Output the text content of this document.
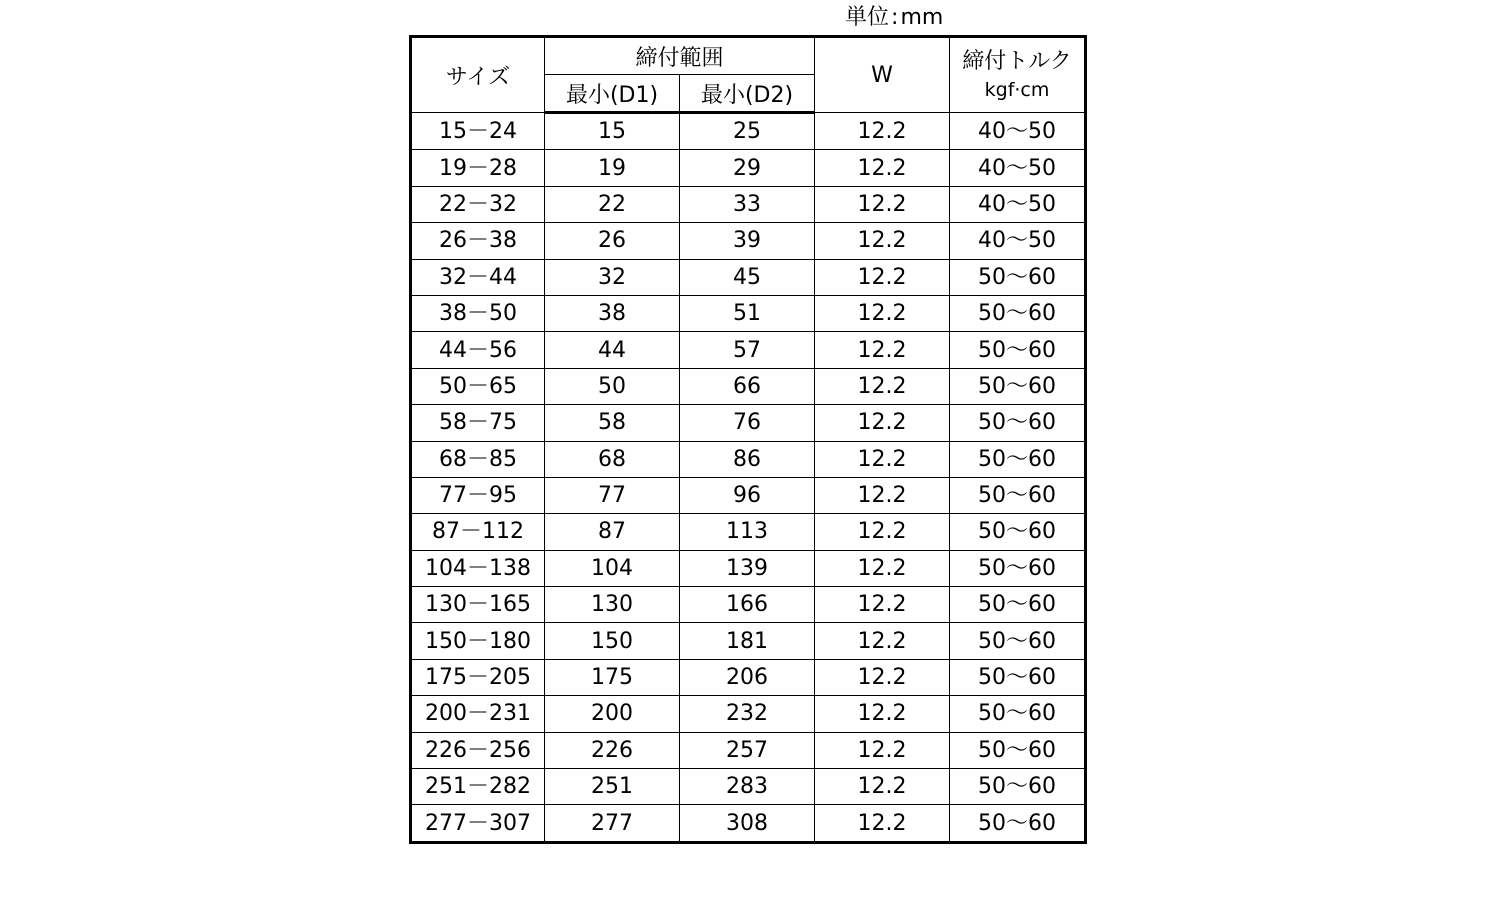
単位:mm
サイズ	締付範囲		W	締付トルク
kgf·cm

	最小(D1)	最小(D2)		
15－24	15	25	12.2	40～50
19－28	19	29	12.2	40～50
22－32	22	33	12.2	40～50
26－38	26	39	12.2	40～50
32－44	32	45	12.2	50～60
38－50	38	51	12.2	50～60
44－56	44	57	12.2	50～60
50－65	50	66	12.2	50～60
58－75	58	76	12.2	50～60
68－85	68	86	12.2	50～60
77－95	77	96	12.2	50～60
87－112	87	113	12.2	50～60
104－138	104	139	12.2	50～60
130－165	130	166	12.2	50～60
150－180	150	181	12.2	50～60
175－205	175	206	12.2	50～60
200－231	200	232	12.2	50～60
226－256	226	257	12.2	50～60
251－282	251	283	12.2	50～60
277－307	277	308	12.2	50～60
